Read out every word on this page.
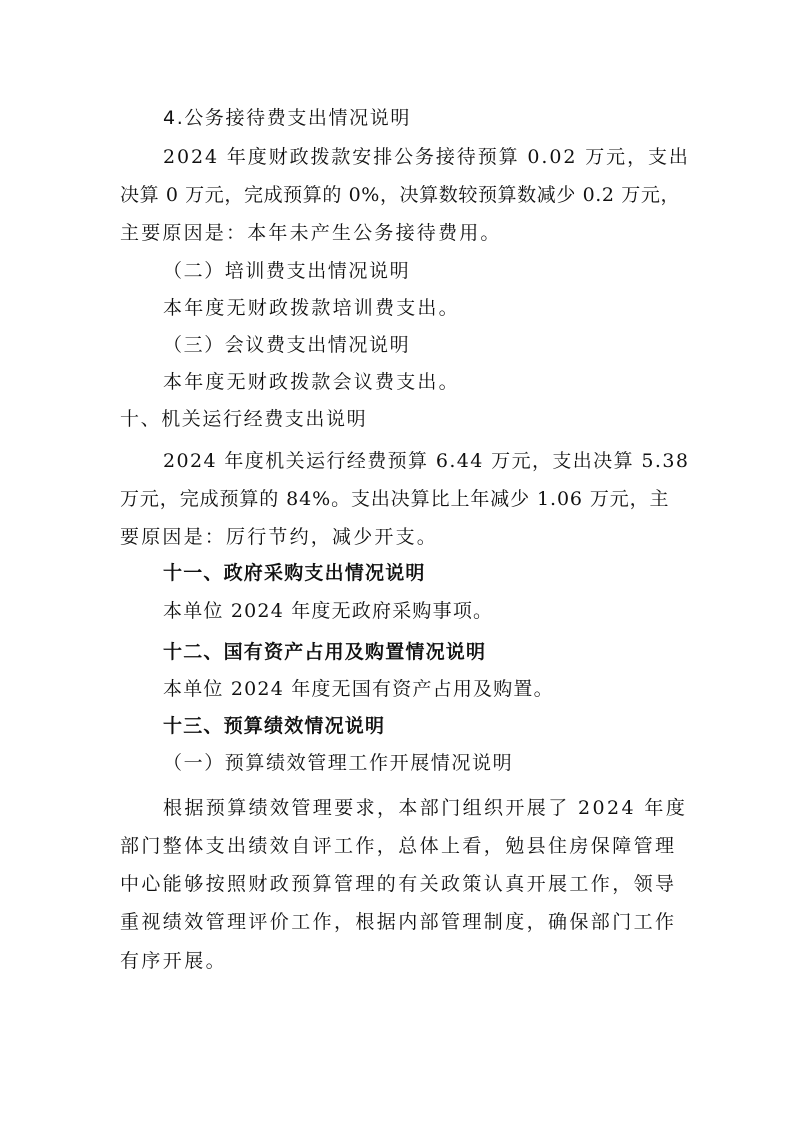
4.公务接待费支出情况说明
2024 年度财政拨款安排公务接待预算 0.02 万元，支出
决算 0 万元，完成预算的 0%，决算数较预算数减少 0.2 万元，
主要原因是：本年未产生公务接待费用。
（二）培训费支出情况说明
本年度无财政拨款培训费支出。
（三）会议费支出情况说明
本年度无财政拨款会议费支出。
十、机关运行经费支出说明
2024 年度机关运行经费预算 6.44 万元，支出决算 5.38
万元，完成预算的 84%。支出决算比上年减少 1.06 万元，主
要原因是：厉行节约，减少开支。
十一、政府采购支出情况说明
本单位 2024 年度无政府采购事项。
十二、国有资产占用及购置情况说明
本单位 2024 年度无国有资产占用及购置。
十三、预算绩效情况说明
（一）预算绩效管理工作开展情况说明
根据预算绩效管理要求，本部门组织开展了 2024 年度
部门整体支出绩效自评工作，总体上看，勉县住房保障管理
中心能够按照财政预算管理的有关政策认真开展工作，领导
重视绩效管理评价工作，根据内部管理制度，确保部门工作
有序开展。
